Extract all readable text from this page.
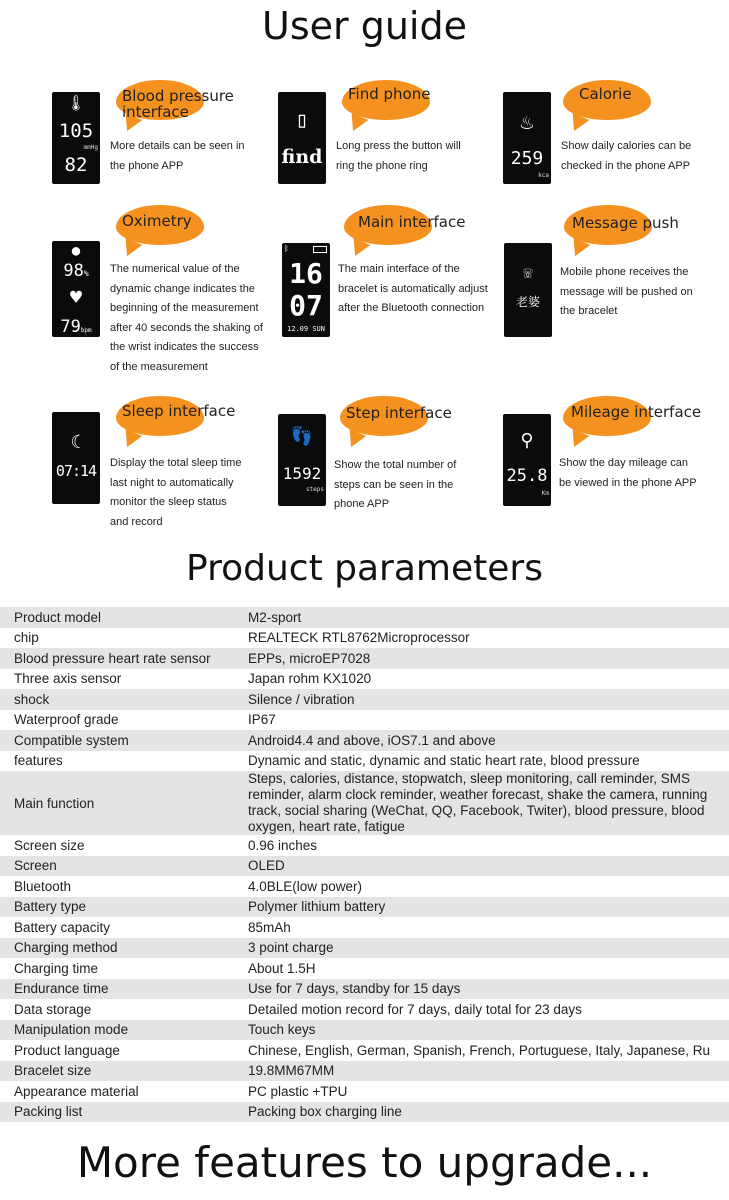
User guide
🌡
105
mmHg
82
Blood pressure interface
More details can be seen in
the phone APP
▯
find
Find phone
Long press the button will
ring the phone ring
♨
259
kca
Calorie
Show daily calories can be
checked in the phone APP
●
98%
♥
79bpm
Oximetry
The numerical value of the
dynamic change indicates the
beginning of the measurement
after 40 seconds the shaking of
the wrist indicates the success
of the measurement
ᛒ
16
07
12.09 SUN
Main interface
The main interface of the
bracelet is automatically adjust
after the Bluetooth connection
☏
老婆
Message push
Mobile phone receives the
message will be pushed on
the bracelet
☾
07:14
Sleep interface
Display the total sleep time
last night to automatically
monitor the sleep status
and record
👣
1592
steps
Step interface
Show the total number of
steps can be seen in the
phone APP
⚲
25.8
Km
Mileage interface
Show the day mileage can
be viewed in the phone APP
Product parameters
Product model	M2-sport
chip	REALTECK RTL8762Microprocessor
Blood pressure heart rate sensor	EPPs, microEP7028
Three axis sensor	Japan rohm KX1020
shock	Silence / vibration
Waterproof grade	IP67
Compatible system	Android4.4 and above, iOS7.1 and above
features	Dynamic and static, dynamic and static heart rate, blood pressure
Main function	Steps, calories, distance, stopwatch, sleep monitoring, call reminder, SMS reminder, alarm clock reminder, weather forecast, shake the camera, running track, social sharing (WeChat, QQ, Facebook, Twiter), blood pressure, blood oxygen, heart rate, fatigue
Screen size	0.96 inches
Screen	OLED
Bluetooth	4.0BLE(low power)
Battery type	Polymer lithium battery
Battery capacity	85mAh
Charging method	3 point charge
Charging time	About 1.5H
Endurance time	Use for 7 days, standby for 15 days
Data storage	Detailed motion record for 7 days, daily total for 23 days
Manipulation mode	Touch keys
Product language	Chinese, English, German, Spanish, French, Portuguese, Italy, Japanese, Ru
Bracelet size	19.8MM67MM
Appearance material	PC plastic +TPU
Packing list	Packing box charging line
More features to upgrade...
